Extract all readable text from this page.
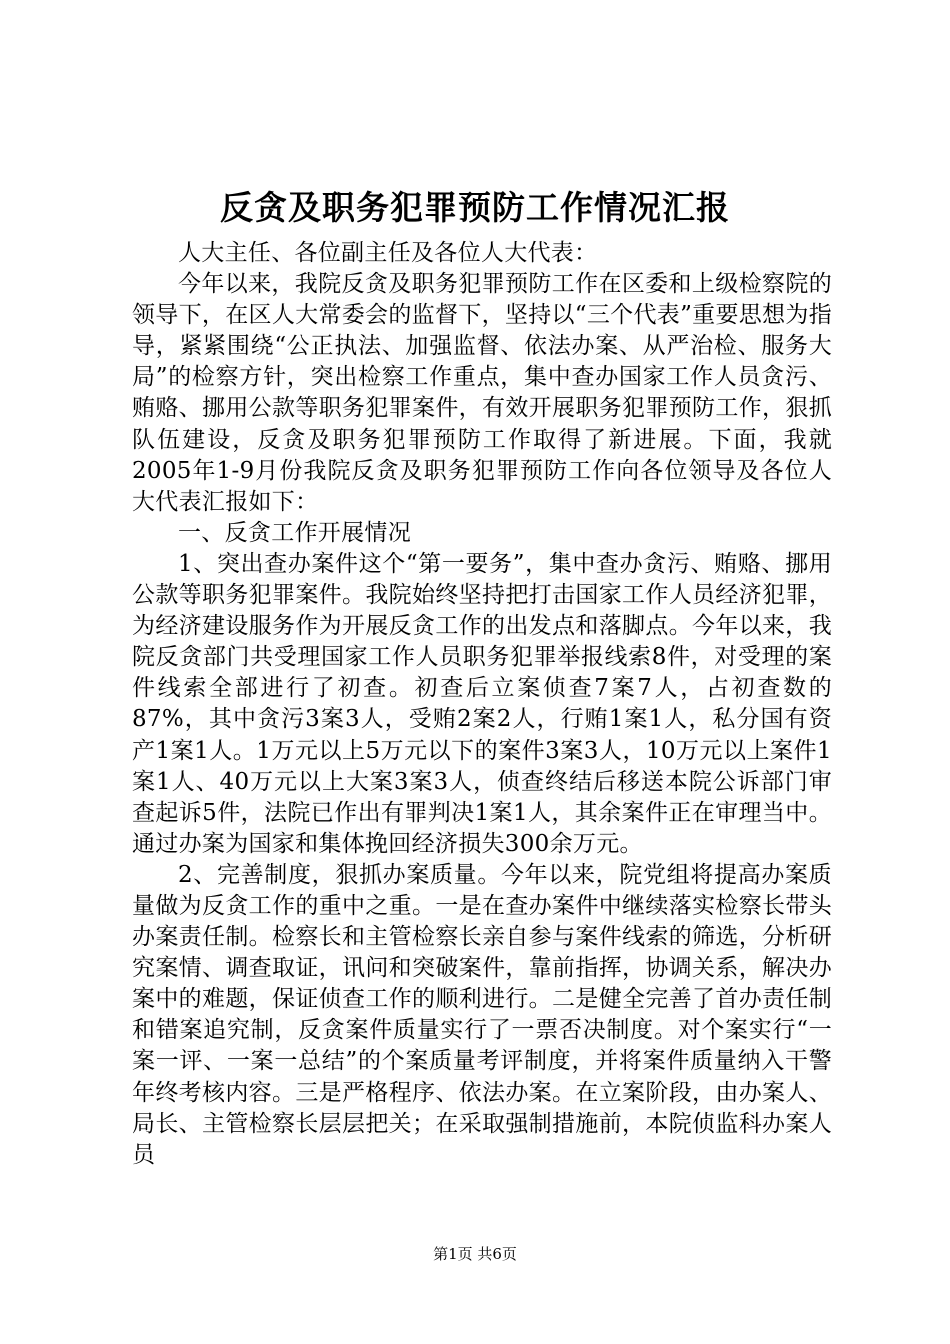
反贪及职务犯罪预防工作情况汇报

人大主任、各位副主任及各位人大代表：

今年以来，我院反贪及职务犯罪预防工作在区委和上级检察院的领导下，在区人大常委会的监督下，坚持以“三个代表”重要思想为指导，紧紧围绕“公正执法、加强监督、依法办案、从严治检、服务大局”的检察方针，突出检察工作重点，集中查办国家工作人员贪污、贿赂、挪用公款等职务犯罪案件，有效开展职务犯罪预防工作，狠抓队伍建设，反贪及职务犯罪预防工作取得了新进展。下面，我就2005年1-9月份我院反贪及职务犯罪预防工作向各位领导及各位人大代表汇报如下：

一、反贪工作开展情况

1、突出查办案件这个“第一要务”，集中查办贪污、贿赂、挪用公款等职务犯罪案件。我院始终坚持把打击国家工作人员经济犯罪，为经济建设服务作为开展反贪工作的出发点和落脚点。今年以来，我院反贪部门共受理国家工作人员职务犯罪举报线索8件，对受理的案件线索全部进行了初查。初查后立案侦查7案7人，占初查数的87%，其中贪污3案3人，受贿2案2人，行贿1案1人，私分国有资产1案1人。1万元以上5万元以下的案件3案3人，10万元以上案件1案1人、40万元以上大案3案3人，侦查终结后移送本院公诉部门审查起诉5件，法院已作出有罪判决1案1人，其余案件正在审理当中。通过办案为国家和集体挽回经济损失300余万元。

2、完善制度，狠抓办案质量。今年以来，院党组将提高办案质量做为反贪工作的重中之重。一是在查办案件中继续落实检察长带头办案责任制。检察长和主管检察长亲自参与案件线索的筛选，分析研究案情、调查取证，讯问和突破案件，靠前指挥，协调关系，解决办案中的难题，保证侦查工作的顺利进行。二是健全完善了首办责任制和错案追究制，反贪案件质量实行了一票否决制度。对个案实行“一案一评、一案一总结”的个案质量考评制度，并将案件质量纳入干警年终考核内容。三是严格程序、依法办案。在立案阶段，由办案人、局长、主管检察长层层把关；在采取强制措施前，本院侦监科办案人员

第1页 共6页
